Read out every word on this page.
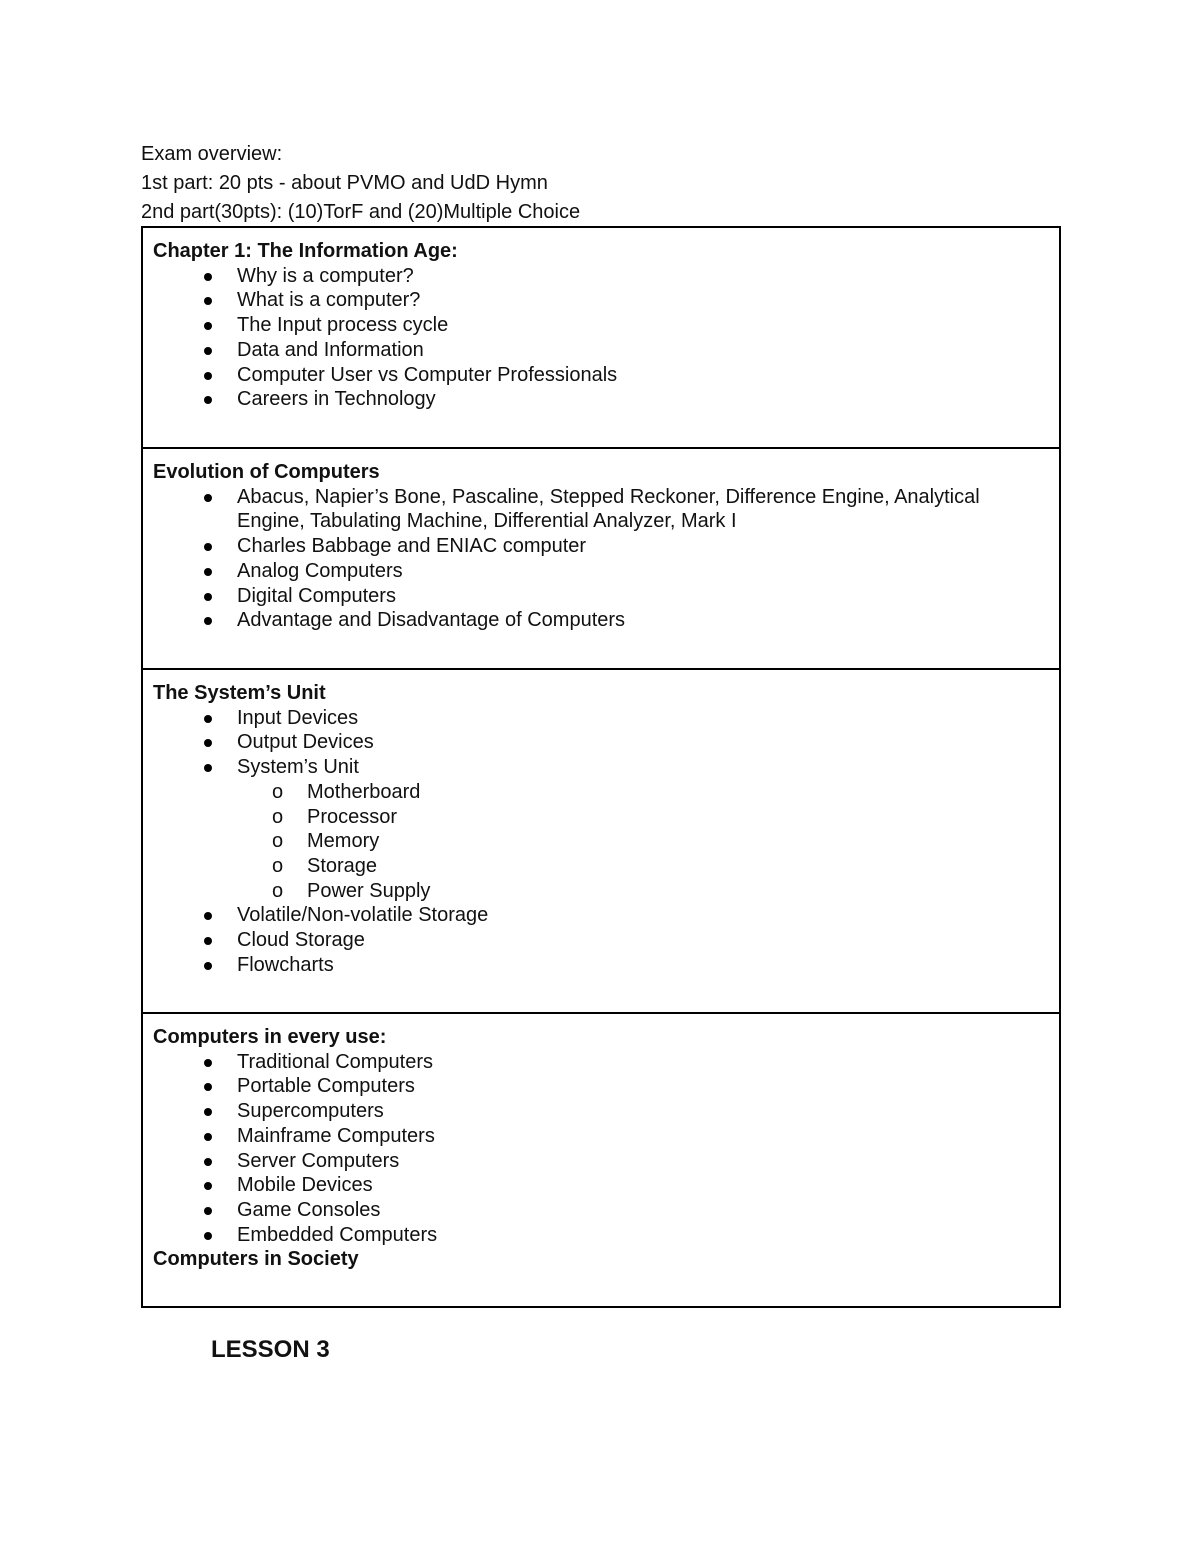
Exam overview:
1st part: 20 pts - about PVMO and UdD Hymn
2nd part(30pts): (10)TorF and (20)Multiple Choice
Chapter 1: The Information Age:
Why is a computer?
What is a computer?
The Input process cycle
Data and Information
Computer User vs Computer Professionals
Careers in Technology
Evolution of Computers
Abacus, Napier’s Bone, Pascaline, Stepped Reckoner, Difference Engine, Analytical Engine, Tabulating Machine, Differential Analyzer, Mark I
Charles Babbage and ENIAC computer
Analog Computers
Digital Computers
Advantage and Disadvantage of Computers
The System’s Unit
Input Devices
Output Devices
System’s Unit
o Motherboard
o Processor
o Memory
o Storage
o Power Supply
Volatile/Non-volatile Storage
Cloud Storage
Flowcharts
Computers in every use:
Traditional Computers
Portable Computers
Supercomputers
Mainframe Computers
Server Computers
Mobile Devices
Game Consoles
Embedded Computers
Computers in Society
LESSON 3
